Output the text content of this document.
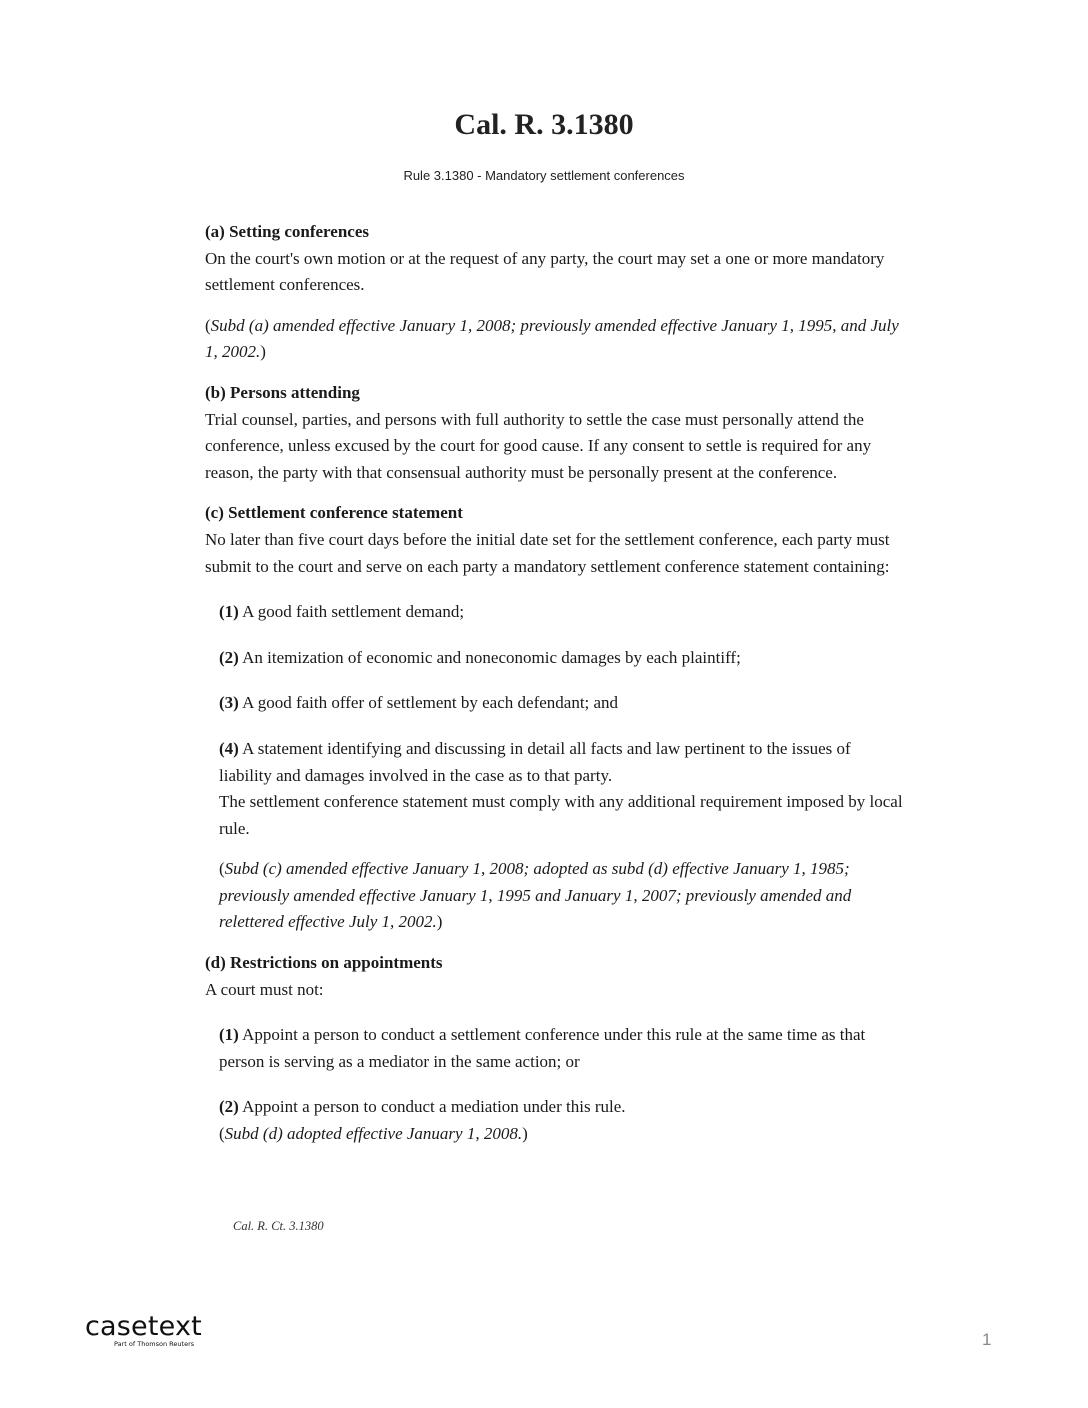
Cal. R. 3.1380
Rule 3.1380 - Mandatory settlement conferences

(a) Setting conferences

On the court's own motion or at the request of any party, the court may set a one or more mandatory settlement conferences.

(Subd (a) amended effective January 1, 2008; previously amended effective January 1, 1995, and July 1, 2002.)

(b) Persons attending

Trial counsel, parties, and persons with full authority to settle the case must personally attend the conference, unless excused by the court for good cause. If any consent to settle is required for any reason, the party with that consensual authority must be personally present at the conference.

(c) Settlement conference statement

No later than five court days before the initial date set for the settlement conference, each party must submit to the court and serve on each party a mandatory settlement conference statement containing:

(1) A good faith settlement demand;

(2) An itemization of economic and noneconomic damages by each plaintiff;

(3) A good faith offer of settlement by each defendant; and

(4) A statement identifying and discussing in detail all facts and law pertinent to the issues of liability and damages involved in the case as to that party.

The settlement conference statement must comply with any additional requirement imposed by local rule.

(Subd (c) amended effective January 1, 2008; adopted as subd (d) effective January 1, 1985; previously amended effective January 1, 1995 and January 1, 2007; previously amended and relettered effective July 1, 2002.)

(d) Restrictions on appointments

A court must not:

(1) Appoint a person to conduct a settlement conference under this rule at the same time as that person is serving as a mediator in the same action; or

(2) Appoint a person to conduct a mediation under this rule.

(Subd (d) adopted effective January 1, 2008.)

Cal. R. Ct. 3.1380
casetext
Part of Thomson Reuters	1
